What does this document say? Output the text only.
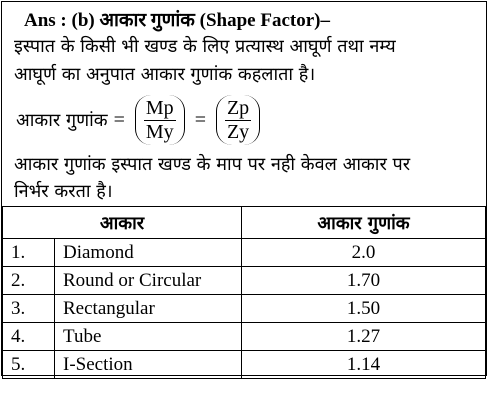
Ans : (b) आकार गुणांक (Shape Factor)–
इस्पात के किसी भी खण्ड के लिए प्रत्यास्थ आघूर्ण तथा नम्य
आघूर्ण का अनुपात आकार गुणांक कहलाता है।
आकार गुणांक = $\frac{Mp}{My} = \frac{Zp}{Zy}$
आकार गुणांक इस्पात खण्ड के माप पर नही केवल आकार पर
निर्भर करता है।
आकार		आकार गुणांक
1.	Diamond	2.0
2.	Round or Circular	1.70
3.	Rectangular	1.50
4.	Tube	1.27
5.	I-Section	1.14
